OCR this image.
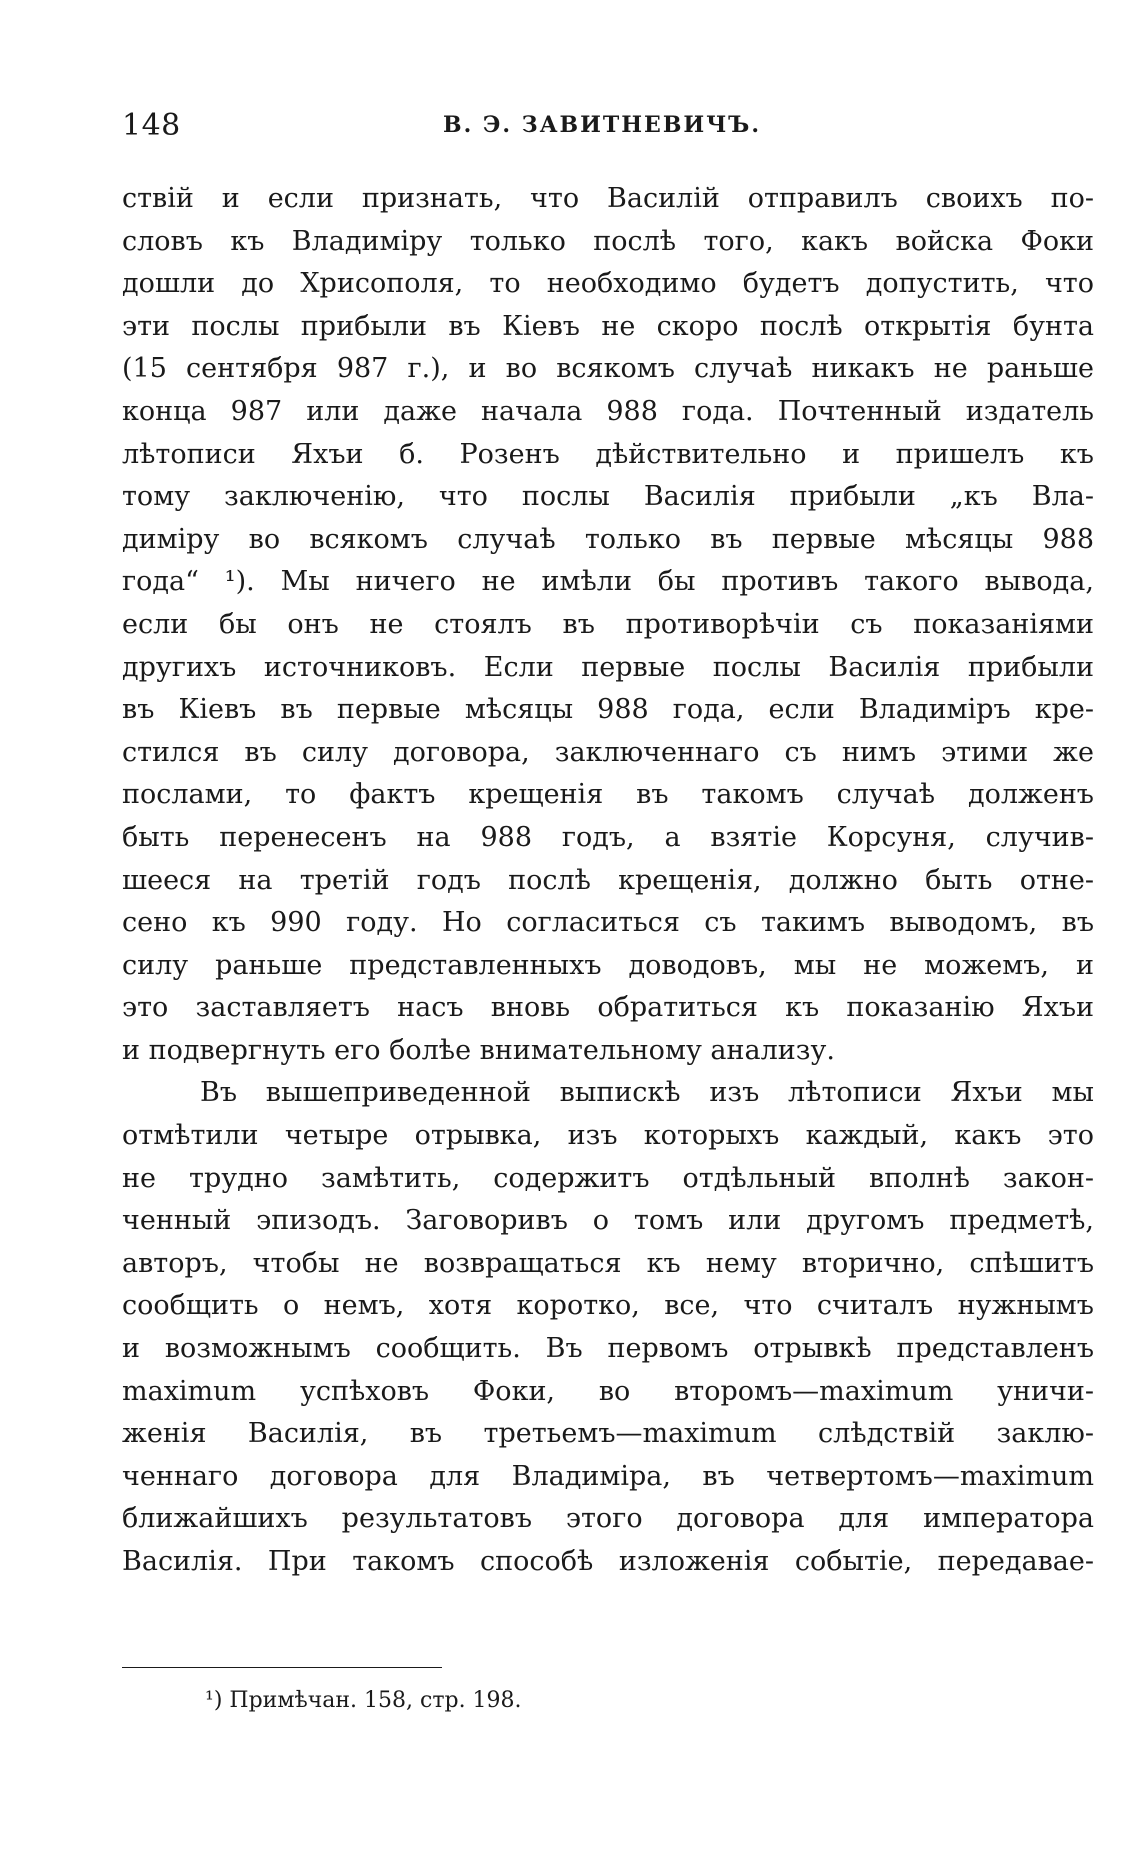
148	В. Э. ЗАВИТНЕВИЧЪ.
ствій и если признать, что Василій отправилъ своихъ по-
словъ къ Владиміру только послѣ того, какъ войска Фоки
дошли до Хрисополя, то необходимо будетъ допустить, что
эти послы прибыли въ Кіевъ не скоро послѣ открытія бунта
(15 сентября 987 г.), и во всякомъ случаѣ никакъ не раньше
конца 987 или даже начала 988 года. Почтенный издатель
лѣтописи Яхъи б. Розенъ дѣйствительно и пришелъ къ
тому заключенію, что послы Василія прибыли „къ Вла-
диміру во всякомъ случаѣ только въ первые мѣсяцы 988
года“ ¹). Мы ничего не имѣли бы противъ такого вывода,
если бы онъ не стоялъ въ противорѣчіи съ показаніями
другихъ источниковъ. Если первые послы Василія прибыли
въ Кіевъ въ первые мѣсяцы 988 года, если Владиміръ кре-
стился въ силу договора, заключеннаго съ нимъ этими же
послами, то фактъ крещенія въ такомъ случаѣ долженъ
быть перенесенъ на 988 годъ, а взятіе Корсуня, случив-
шееся на третій годъ послѣ крещенія, должно быть отне-
сено къ 990 году. Но согласиться съ такимъ выводомъ, въ
силу раньше представленныхъ доводовъ, мы не можемъ, и
это заставляетъ насъ вновь обратиться къ показанію Яхъи
и подвергнуть его болѣе внимательному анализу.
Въ вышеприведенной выпискѣ изъ лѣтописи Яхъи мы
отмѣтили четыре отрывка, изъ которыхъ каждый, какъ это
не трудно замѣтить, содержитъ отдѣльный вполнѣ закон-
ченный эпизодъ. Заговоривъ о томъ или другомъ предметѣ,
авторъ, чтобы не возвращаться къ нему вторично, спѣшитъ
сообщить о немъ, хотя коротко, все, что считалъ нужнымъ
и возможнымъ сообщить. Въ первомъ отрывкѣ представленъ
maximum успѣховъ Фоки, во второмъ—maximum уничи-
женія Василія, въ третьемъ—maximum слѣдствій заклю-
ченнаго договора для Владиміра, въ четвертомъ—maximum
ближайшихъ результатовъ этого договора для императора
Василія. При такомъ способѣ изложенія событіе, передавае-
¹) Примѣчан. 158, стр. 198.
